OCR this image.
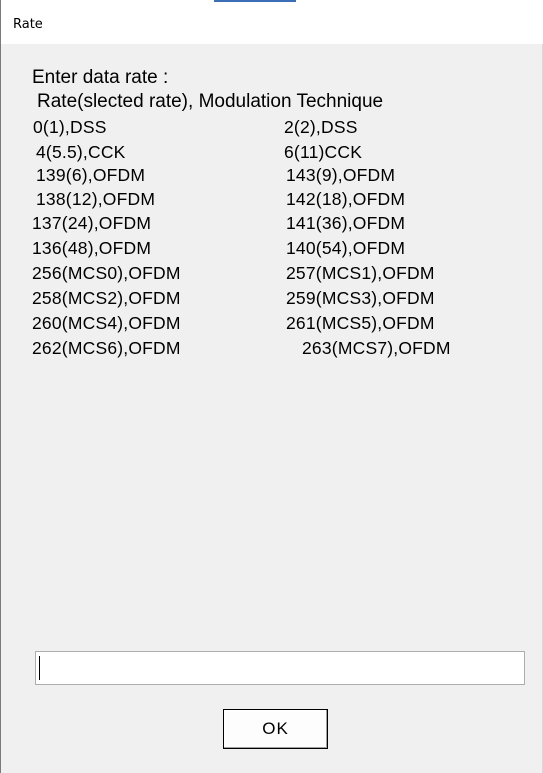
Rate
Enter data rate :
Rate(slected rate), Modulation Technique
0(1),DSS
4(5.5),CCK
139(6),OFDM
138(12),OFDM
137(24),OFDM
136(48),OFDM
256(MCS0),OFDM
258(MCS2),OFDM
260(MCS4),OFDM
262(MCS6),OFDM
2(2),DSS
6(11)CCK
143(9),OFDM
142(18),OFDM
141(36),OFDM
140(54),OFDM
257(MCS1),OFDM
259(MCS3),OFDM
261(MCS5),OFDM
263(MCS7),OFDM
OK
